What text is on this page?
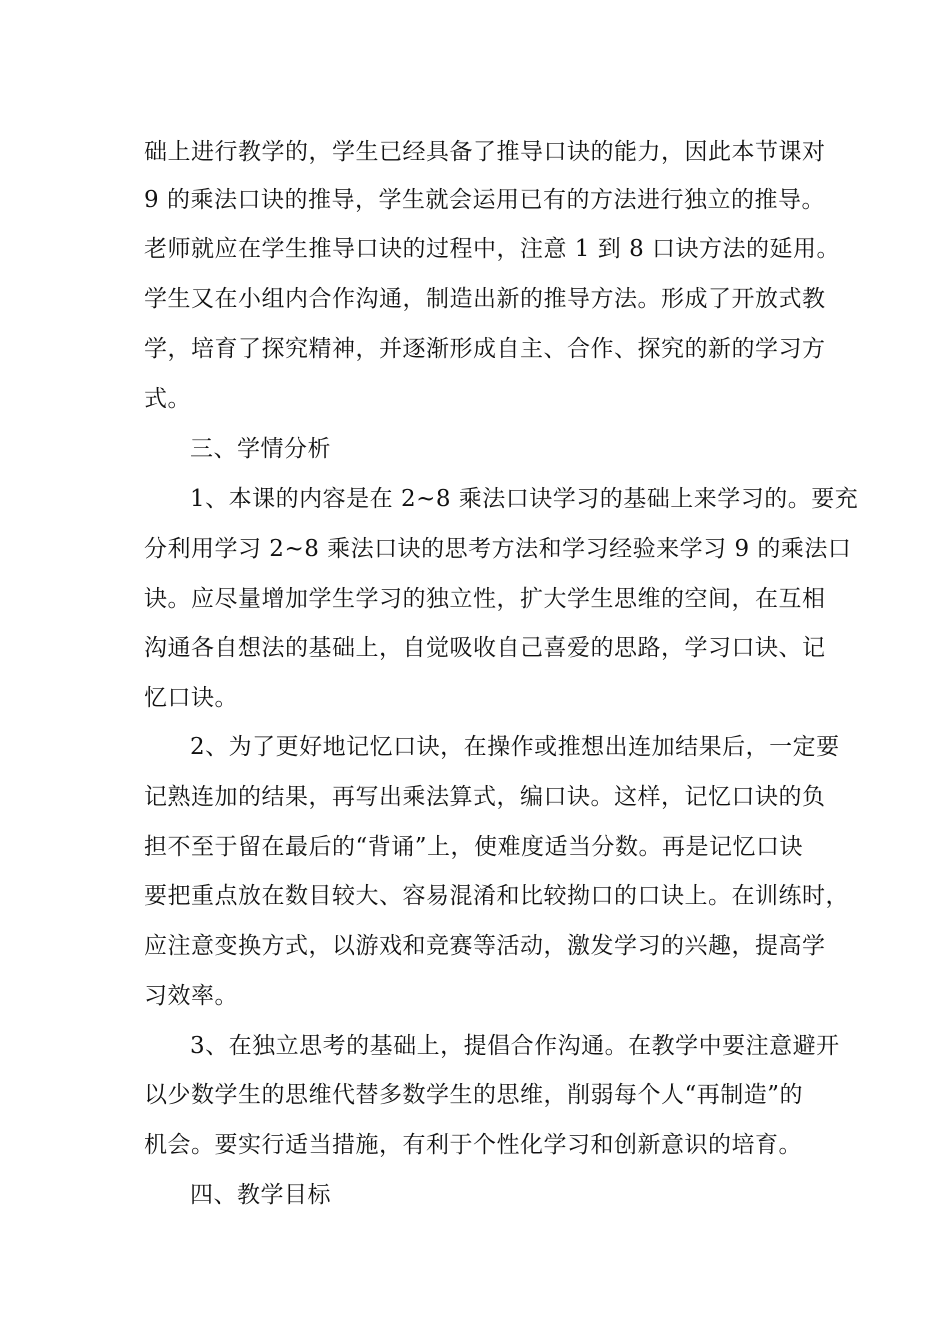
础上进行教学的，学生已经具备了推导口诀的能力，因此本节课对
9 的乘法口诀的推导，学生就会运用已有的方法进行独立的推导。
老师就应在学生推导口诀的过程中，注意 1 到 8 口诀方法的延用。
学生又在小组内合作沟通，制造出新的推导方法。形成了开放式教
学，培育了探究精神，并逐渐形成自主、合作、探究的新的学习方
式。
三、学情分析
1、本课的内容是在 2~8 乘法口诀学习的基础上来学习的。要充
分利用学习 2~8 乘法口诀的思考方法和学习经验来学习 9 的乘法口
诀。应尽量增加学生学习的独立性，扩大学生思维的空间，在互相
沟通各自想法的基础上，自觉吸收自己喜爱的思路，学习口诀、记
忆口诀。
2、为了更好地记忆口诀，在操作或推想出连加结果后，一定要
记熟连加的结果，再写出乘法算式，编口诀。这样，记忆口诀的负
担不至于留在最后的“背诵”上，使难度适当分数。再是记忆口诀
要把重点放在数目较大、容易混淆和比较拗口的口诀上。在训练时，
应注意变换方式，以游戏和竞赛等活动，激发学习的兴趣，提高学
习效率。
3、在独立思考的基础上，提倡合作沟通。在教学中要注意避开
以少数学生的思维代替多数学生的思维，削弱每个人“再制造”的
机会。要实行适当措施，有利于个性化学习和创新意识的培育。
四、教学目标
